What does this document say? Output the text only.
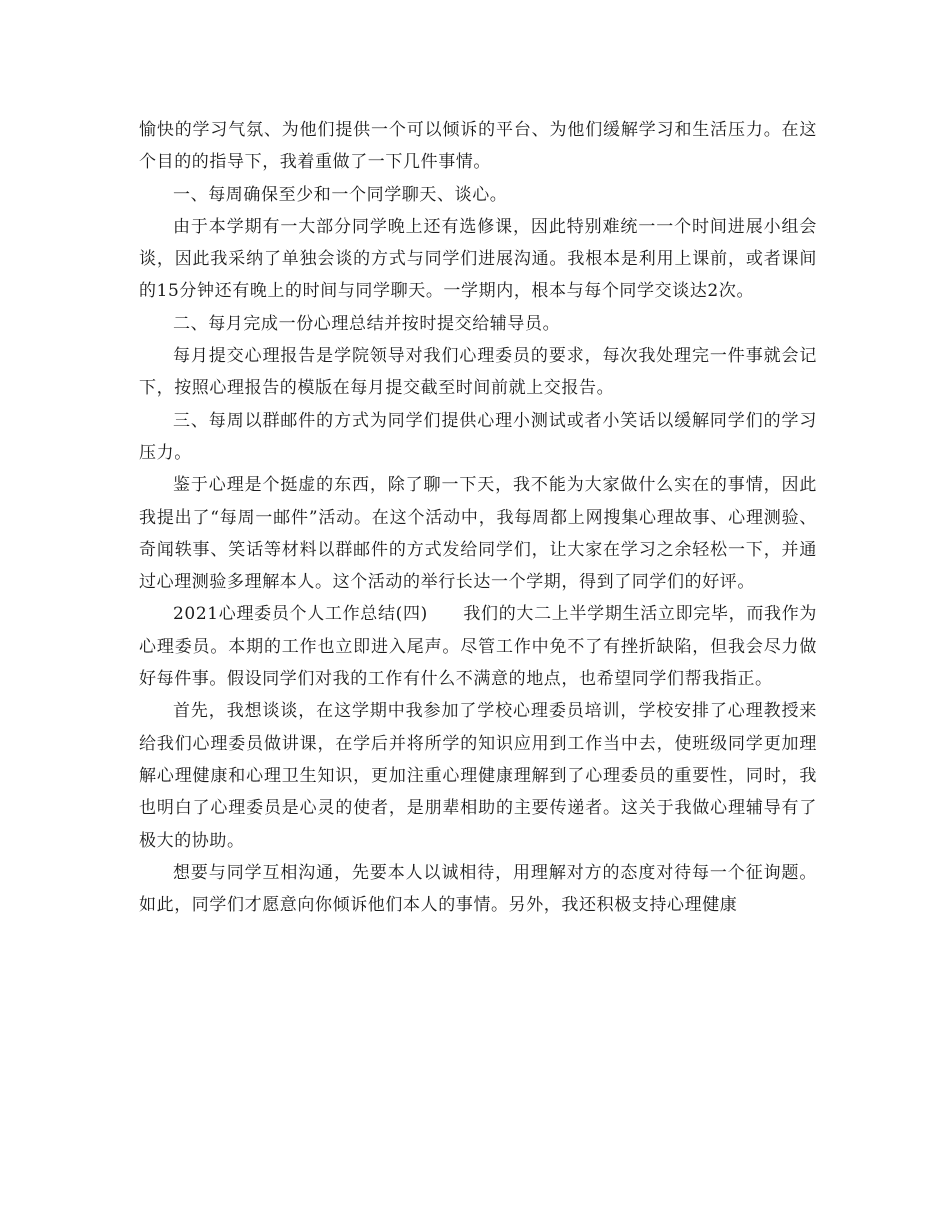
愉快的学习气氛、为他们提供一个可以倾诉的平台、为他们缓解学习和生活压力。在这个目的的指导下，我着重做了一下几件事情。

一、每周确保至少和一个同学聊天、谈心。

由于本学期有一大部分同学晚上还有选修课，因此特别难统一一个时间进展小组会谈，因此我采纳了单独会谈的方式与同学们进展沟通。我根本是利用上课前，或者课间的15分钟还有晚上的时间与同学聊天。一学期内，根本与每个同学交谈达2次。

二、每月完成一份心理总结并按时提交给辅导员。

每月提交心理报告是学院领导对我们心理委员的要求，每次我处理完一件事就会记下，按照心理报告的模版在每月提交截至时间前就上交报告。

三、每周以群邮件的方式为同学们提供心理小测试或者小笑话以缓解同学们的学习压力。

鉴于心理是个挺虚的东西，除了聊一下天，我不能为大家做什么实在的事情，因此我提出了“每周一邮件”活动。在这个活动中，我每周都上网搜集心理故事、心理测验、奇闻轶事、笑话等材料以群邮件的方式发给同学们，让大家在学习之余轻松一下，并通过心理测验多理解本人。这个活动的举行长达一个学期，得到了同学们的好评。

2021心理委员个人工作总结(四)　　我们的大二上半学期生活立即完毕，而我作为心理委员。本期的工作也立即进入尾声。尽管工作中免不了有挫折缺陷，但我会尽力做好每件事。假设同学们对我的工作有什么不满意的地点，也希望同学们帮我指正。

首先，我想谈谈，在这学期中我参加了学校心理委员培训，学校安排了心理教授来给我们心理委员做讲课，在学后并将所学的知识应用到工作当中去，使班级同学更加理解心理健康和心理卫生知识，更加注重心理健康理解到了心理委员的重要性，同时，我也明白了心理委员是心灵的使者，是朋辈相助的主要传递者。这关于我做心理辅导有了极大的协助。

想要与同学互相沟通，先要本人以诚相待，用理解对方的态度对待每一个征询题。如此，同学们才愿意向你倾诉他们本人的事情。另外，我还积极支持心理健康
